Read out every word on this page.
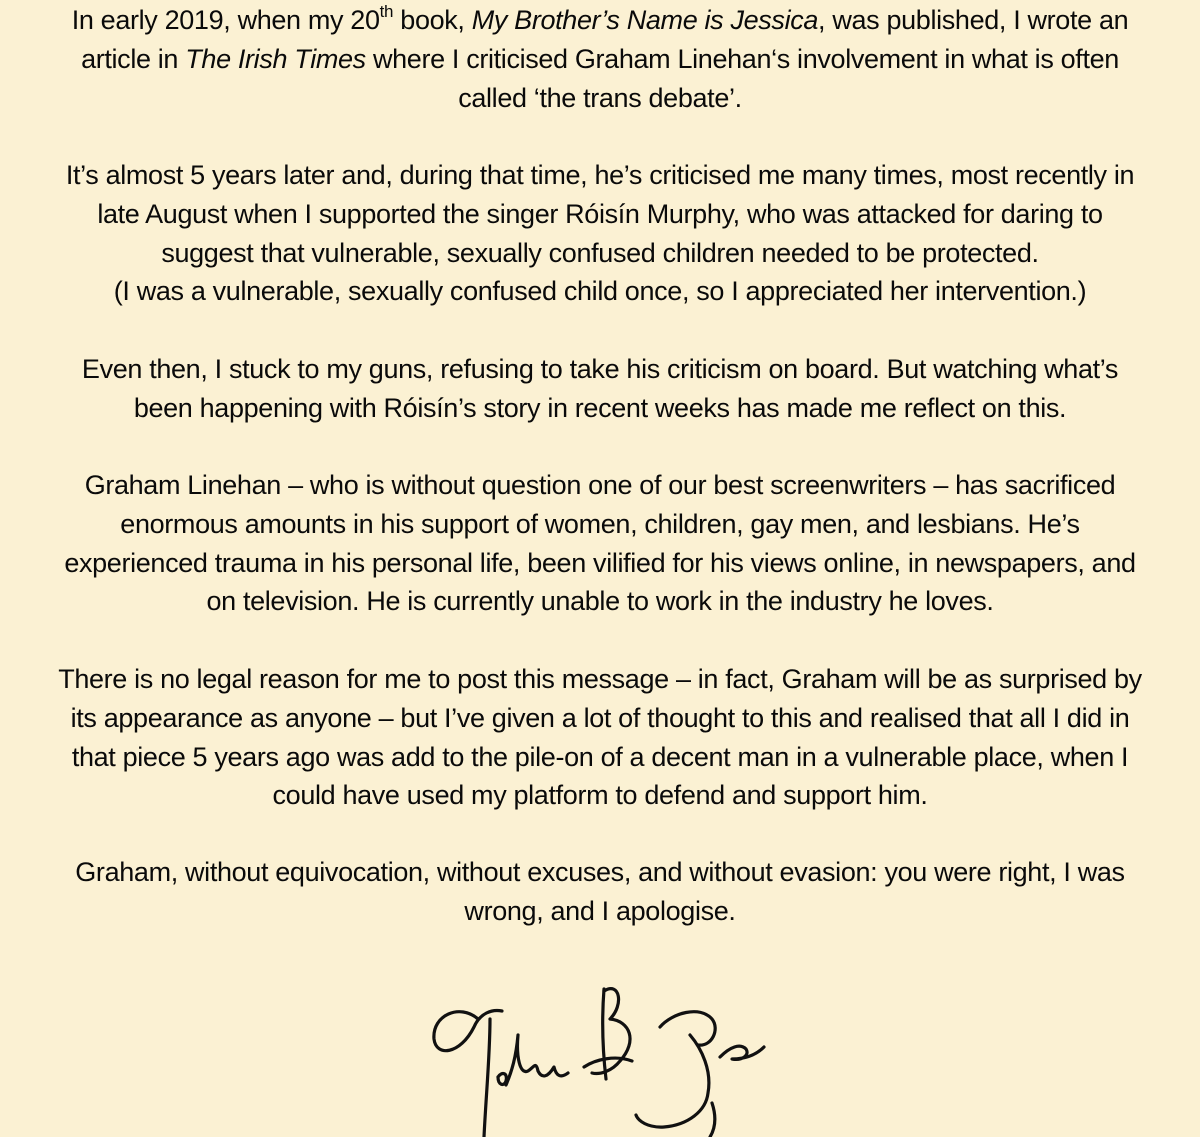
In early 2019, when my 20th book, My Brother’s Name is Jessica, was published, I wrote an
article in The Irish Times where I criticised Graham Linehan‘s involvement in what is often
called ‘the trans debate’.
It’s almost 5 years later and, during that time, he’s criticised me many times, most recently in
late August when I supported the singer Róisín Murphy, who was attacked for daring to
suggest that vulnerable, sexually confused children needed to be protected.
(I was a vulnerable, sexually confused child once, so I appreciated her intervention.)
Even then, I stuck to my guns, refusing to take his criticism on board. But watching what’s
been happening with Róisín’s story in recent weeks has made me reflect on this.
Graham Linehan – who is without question one of our best screenwriters – has sacrificed
enormous amounts in his support of women, children, gay men, and lesbians. He’s
experienced trauma in his personal life, been vilified for his views online, in newspapers, and
on television. He is currently unable to work in the industry he loves.
There is no legal reason for me to post this message – in fact, Graham will be as surprised by
its appearance as anyone – but I’ve given a lot of thought to this and realised that all I did in
that piece 5 years ago was add to the pile-on of a decent man in a vulnerable place, when I
could have used my platform to defend and support him.
Graham, without equivocation, without excuses, and without evasion: you were right, I was
wrong, and I apologise.
